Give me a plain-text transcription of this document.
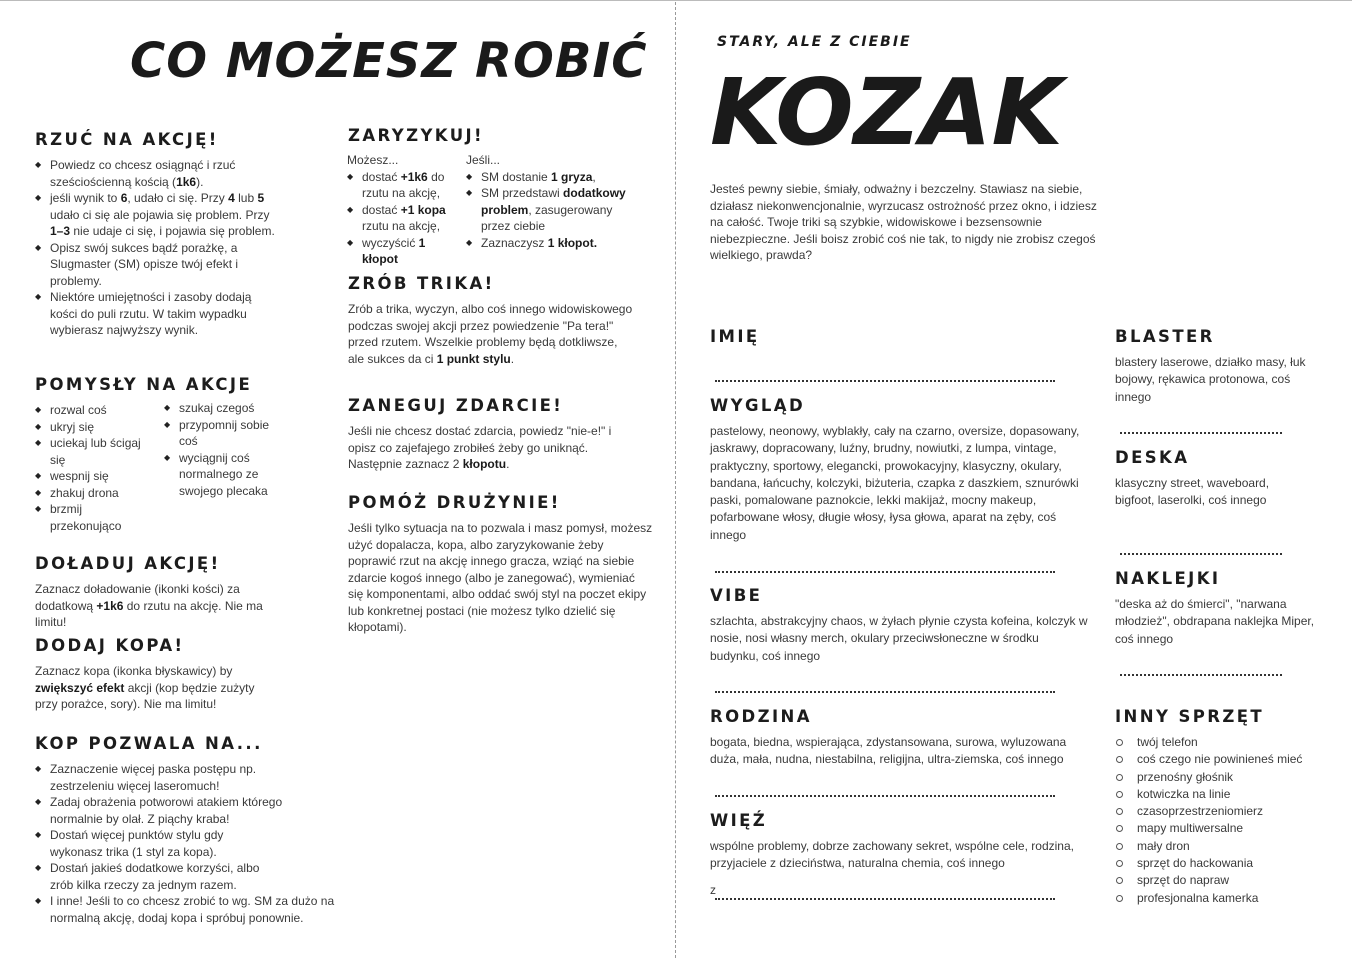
CO MOŻESZ ROBIĆ
RZUĆ NA AKCJĘ!
◆ Powiedz co chcesz osiągnąć i rzuć sześciościenną kością (1k6).
◆ jeśli wynik to 6, udało ci się. Przy 4 lub 5 udało ci się ale pojawia się problem. Przy 1–3 nie udaje ci się, i pojawia się problem.
◆ Opisz swój sukces bądź porażkę, a Slugmaster (SM) opisze twój efekt i problemy.
◆ Niektóre umiejętności i zasoby dodają kości do puli rzutu. W takim wypadku wybierasz najwyższy wynik.
POMYSŁY NA AKCJE
◆ rozwal coś
◆ ukryj się
◆ uciekaj lub ścigaj się
◆ wespnij się
◆ zhakuj drona
◆ brzmij przekonująco
◆ szukaj czegoś
◆ przypomnij sobie coś
◆ wyciągnij coś normalnego ze swojego plecaka
DOŁADUJ AKCJĘ!

Zaznacz doładowanie (ikonki kości) za dodatkową +1k6 do rzutu na akcję. Nie ma limitu!

DODAJ KOPA!

Zaznacz kopa (ikonka błyskawicy) by zwiększyć efekt akcji (kop będzie zużyty przy porażce, sory). Nie ma limitu!

KOP POZWALA NA...
◆ Zaznaczenie więcej paska postępu np. zestrzeleniu więcej laseromuch!
◆ Zadaj obrażenia potworowi atakiem którego normalnie by olał. Z piąchy kraba!
◆ Dostań więcej punktów stylu gdy wykonasz trika (1 styl za kopa).
◆ Dostań jakieś dodatkowe korzyści, albo zrób kilka rzeczy za jednym razem.
◆ I inne! Jeśli to co chcesz zrobić to wg. SM za dużo na normalną akcję, dodaj kopa i spróbuj ponownie.
ZARYZYKUJ!

Możesz...

◆ dostać +1k6 do rzutu na akcję,
◆ dostać +1 kopa rzutu na akcję,
◆ wyczyścić 1 kłopot

Jeśli...

◆ SM dostanie 1 gryza,
◆ SM przedstawi dodatkowy problem, zasugerowany przez ciebie
◆ Zaznaczysz 1 kłopot.
ZRÓB TRIKA!

Zrób a trika, wyczyn, albo coś innego widowiskowego podczas swojej akcji przez powiedzenie "Pa tera!" przed rzutem. Wszelkie problemy będą dotkliwsze, ale sukces da ci 1 punkt stylu.

ZANEGUJ ZDARCIE!

Jeśli nie chcesz dostać zdarcia, powiedz "nie-e!" i opisz co zajefajego zrobiłeś żeby go uniknąć. Następnie zaznacz 2 kłopotu.

POMÓŻ DRUŻYNIE!

Jeśli tylko sytuacja na to pozwala i masz pomysł, możesz użyć dopalacza, kopa, albo zaryzykowanie żeby poprawić rzut na akcję innego gracza, wziąć na siebie zdarcie kogoś innego (albo je zanegować), wymieniać się komponentami, albo oddać swój styl na poczet ekipy lub konkretnej postaci (nie możesz tylko dzielić się kłopotami).

STARY, ALE Z CIEBIE
KOZAK

Jesteś pewny siebie, śmiały, odważny i bezczelny. Stawiasz na siebie, działasz niekonwencjonalnie, wyrzucasz ostrożność przez okno, i idziesz na całość. Twoje triki są szybkie, widowiskowe i bezsensownie niebezpieczne. Jeśli boisz zrobić coś nie tak, to nigdy nie zrobisz czegoś wielkiego, prawda?

IMIĘ
WYGLĄD

pastelowy, neonowy, wyblakły, cały na czarno, oversize, dopasowany, jaskrawy, dopracowany, luźny, brudny, nowiutki, z lumpa, vintage, praktyczny, sportowy, elegancki, prowokacyjny, klasyczny, okulary, bandana, łańcuchy, kolczyki, biżuteria, czapka z daszkiem, sznurówki paski, pomalowane paznokcie, lekki makijaż, mocny makeup, pofarbowane włosy, długie włosy, łysa głowa, aparat na zęby, coś innego

VIBE

szlachta, abstrakcyjny chaos, w żyłach płynie czysta kofeina, kolczyk w nosie, nosi własny merch, okulary przeciwsłoneczne w środku budynku, coś innego

RODZINA

bogata, biedna, wspierająca, zdystansowana, surowa, wyluzowana duża, mała, nudna, niestabilna, religijna, ultra-ziemska, coś innego

WIĘŹ

wspólne problemy, dobrze zachowany sekret, wspólne cele, rodzina, przyjaciele z dzieciństwa, naturalna chemia, coś innego

z

BLASTER

blastery laserowe, działko masy, łuk bojowy, rękawica protonowa, coś innego

DESKA

klasyczny street, waveboard, bigfoot, laserolki, coś innego

NAKLEJKI

"deska aż do śmierci", "narwana młodzież", obdrapana naklejka Miper, coś innego

INNY SPRZĘT
twój telefon
coś czego nie powinieneś mieć
przenośny głośnik
kotwiczka na linie
czasoprzestrzeniomierz
mapy multiwersalne
mały dron
sprzęt do hackowania
sprzęt do napraw
profesjonalna kamerka
